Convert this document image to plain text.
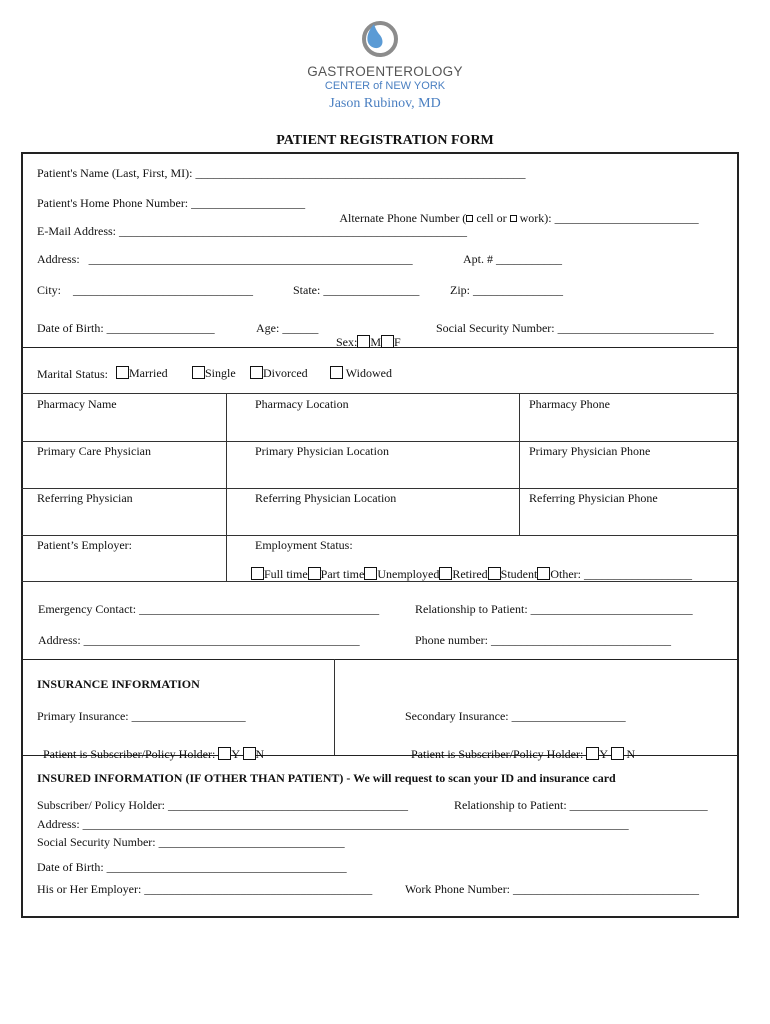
GASTROENTEROLOGY
CENTER of NEW YORK
Jason Rubinov, MD
PATIENT REGISTRATION FORM
Patient's Name (Last, First, MI): _______________________________________________________
Patient's Home Phone Number: ___________________

Alternate Phone Number ( cell or work): ________________________

E-Mail Address: __________________________________________________________
Address:   ______________________________________________________	Apt. # ___________
City:    ______________________________	State: ________________	Zip: _______________
Date of Birth: __________________	Age: ______

Sex: M F

Social Security Number: __________________________
Marital Status:	Married	Single	Divorced	Widowed
Pharmacy Name	Pharmacy Location	Pharmacy Phone
Primary Care Physician	Primary Physician Location	Primary Physician Phone
Referring Physician	Referring Physician Location	Referring Physician Phone
Patient’s Employer:	Employment Status:

Full time Part time Unemployed Retired Student Other: __________________

Emergency Contact: ________________________________________	Relationship to Patient: ___________________________
Address: ______________________________________________	Phone number: ______________________________
INSURANCE INFORMATION
Primary Insurance: ___________________	Secondary Insurance: ___________________

Patient is Subscriber/Policy Holder: Y N	Patient is Subscriber/Policy Holder: Y N

INSURED INFORMATION (IF OTHER THAN PATIENT) - We will request to scan your ID and insurance card
Subscriber/ Policy Holder: ________________________________________	Relationship to Patient: _______________________
Address: ___________________________________________________________________________________________
Social Security Number: _______________________________
Date of Birth: ________________________________________
His or Her Employer: ______________________________________	Work Phone Number: _______________________________
